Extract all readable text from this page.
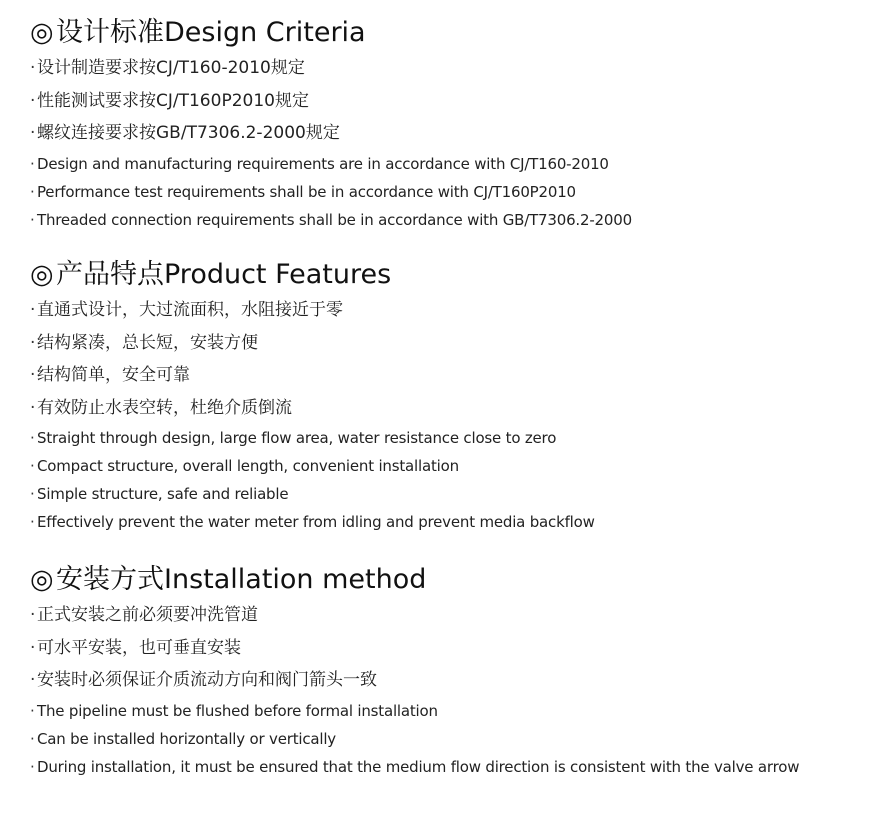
◎设计标准Design Criteria
·设计制造要求按CJ/T160-2010规定
·性能测试要求按CJ/T160P2010规定
·螺纹连接要求按GB/T7306.2-2000规定
· Design and manufacturing requirements are in accordance with CJ/T160-2010
· Performance test requirements shall be in accordance with CJ/T160P2010
· Threaded connection requirements shall be in accordance with GB/T7306.2-2000
◎产品特点Product Features
·直通式设计，大过流面积，水阻接近于零
·结构紧凑，总长短，安装方便
·结构简单，安全可靠
·有效防止水表空转，杜绝介质倒流
· Straight through design, large flow area, water resistance close to zero
· Compact structure, overall length, convenient installation
· Simple structure, safe and reliable
· Effectively prevent the water meter from idling and prevent media backflow
◎安装方式Installation method
·正式安装之前必须要冲洗管道
·可水平安装，也可垂直安装
·安装时必须保证介质流动方向和阀门箭头一致
· The pipeline must be flushed before formal installation
· Can be installed horizontally or vertically
· During installation, it must be ensured that the medium flow direction is consistent with the valve arrow
